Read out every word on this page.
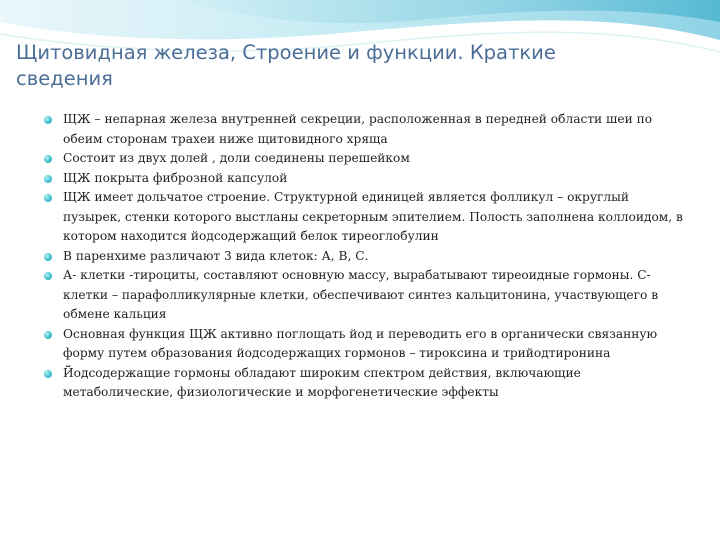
Щитовидная железа, Строение и функции. Краткие сведения
ЩЖ – непарная железа внутренней секреции, расположенная в передней области шеи по обеим сторонам трахеи ниже щитовидного хряща
Состоит из двух долей , доли соединены перешейком
ЩЖ покрыта фиброзной капсулой
ЩЖ имеет дольчатое строение. Структурной единицей является фолликул – округлый пузырек, стенки которого выстланы секреторным эпителием. Полость заполнена коллоидом, в котором находится йодсодержащий белок тиреоглобулин
В паренхиме различают 3 вида клеток: А, В, С.
А- клетки -тироциты, составляют основную массу, вырабатывают тиреоидные гормоны. С-клетки – парафолликулярные клетки, обеспечивают синтез кальцитонина, участвующего в обмене кальция
Основная функция ЩЖ активно поглощать йод и переводить его в органически связанную форму путем образования йодсодержащих гормонов – тироксина и трийодтиронина
Йодсодержащие гормоны обладают широким спектром действия, включающие метаболические, физиологические и морфогенетические эффекты
